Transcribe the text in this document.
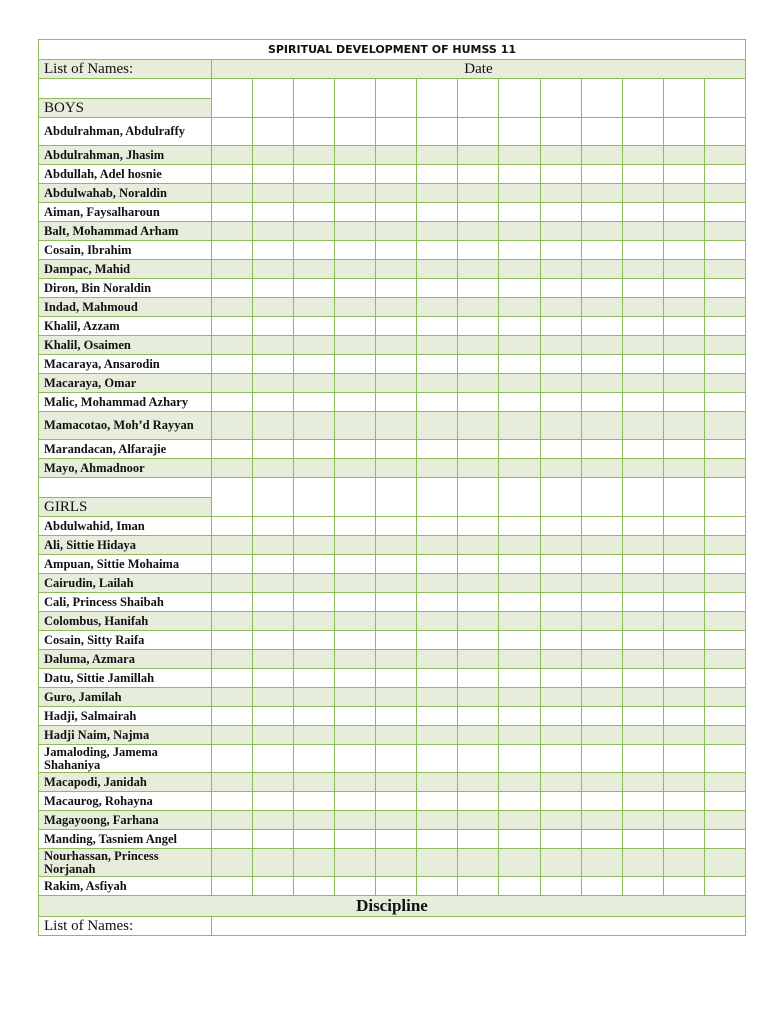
SPIRITUAL DEVELOPMENT OF HUMSS 11													
List of Names:	Date												

BOYS													
Abdulrahman, Abdulraffy													
Abdulrahman, Jhasim													
Abdullah, Adel hosnie													
Abdulwahab, Noraldin													
Aiman, Faysalharoun													
Balt, Mohammad Arham													
Cosain, Ibrahim													
Dampac, Mahid													
Diron, Bin Noraldin													
Indad, Mahmoud													
Khalil, Azzam													
Khalil, Osaimen													
Macaraya, Ansarodin													
Macaraya, Omar													
Malic, Mohammad Azhary													
Mamacotao, Moh’d Rayyan													
Marandacan, Alfarajie													
Mayo, Ahmadnoor													

GIRLS													
Abdulwahid, Iman													
Ali, Sittie Hidaya													
Ampuan, Sittie Mohaima													
Cairudin, Lailah													
Cali, Princess Shaibah													
Colombus, Hanifah													
Cosain, Sitty Raifa													
Daluma, Azmara													
Datu, Sittie Jamillah													
Guro, Jamilah													
Hadji, Salmairah													
Hadji Naim, Najma													
Jamaloding, Jamema Shahaniya													
Macapodi, Janidah													
Macaurog, Rohayna													
Magayoong, Farhana													
Manding, Tasniem Angel													
Nourhassan, Princess Norjanah													
Rakim, Asfiyah													
Discipline													
List of Names:													
